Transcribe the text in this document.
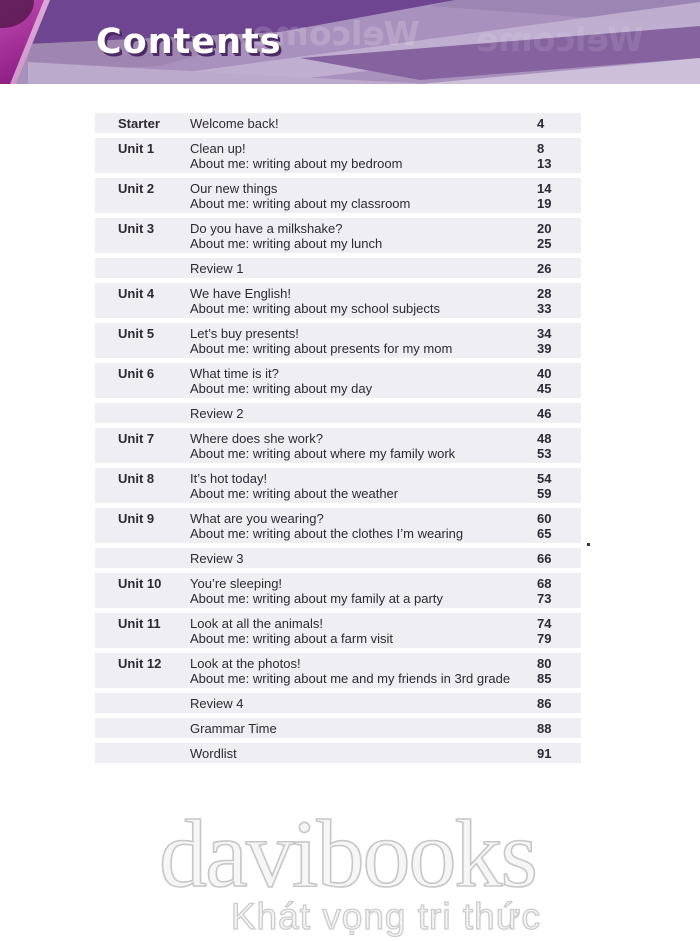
Contents
Starter	Welcome back!	4
Unit 1	Clean up!	8
About me: writing about my bedroom	13
Unit 2	Our new things	14
About me: writing about my classroom	19
Unit 3	Do you have a milkshake?	20
About me: writing about my lunch	25
Review 1	26
Unit 4	We have English!	28
About me: writing about my school subjects	33
Unit 5	Let’s buy presents!	34
About me: writing about presents for my mom	39
Unit 6	What time is it?	40
About me: writing about my day	45
Review 2	46
Unit 7	Where does she work?	48
About me: writing about where my family work	53
Unit 8	It’s hot today!	54
About me: writing about the weather	59
Unit 9	What are you wearing?	60
About me: writing about the clothes I’m wearing	65
Review 3	66
Unit 10	You’re sleeping!	68
About me: writing about my family at a party	73
Unit 11	Look at all the animals!	74
About me: writing about a farm visit	79
Unit 12	Look at the photos!	80
About me: writing about me and my friends in 3rd grade	85
Review 4	86
Grammar Time	88
Wordlist	91
davibooks
Khát vọng tri thức
